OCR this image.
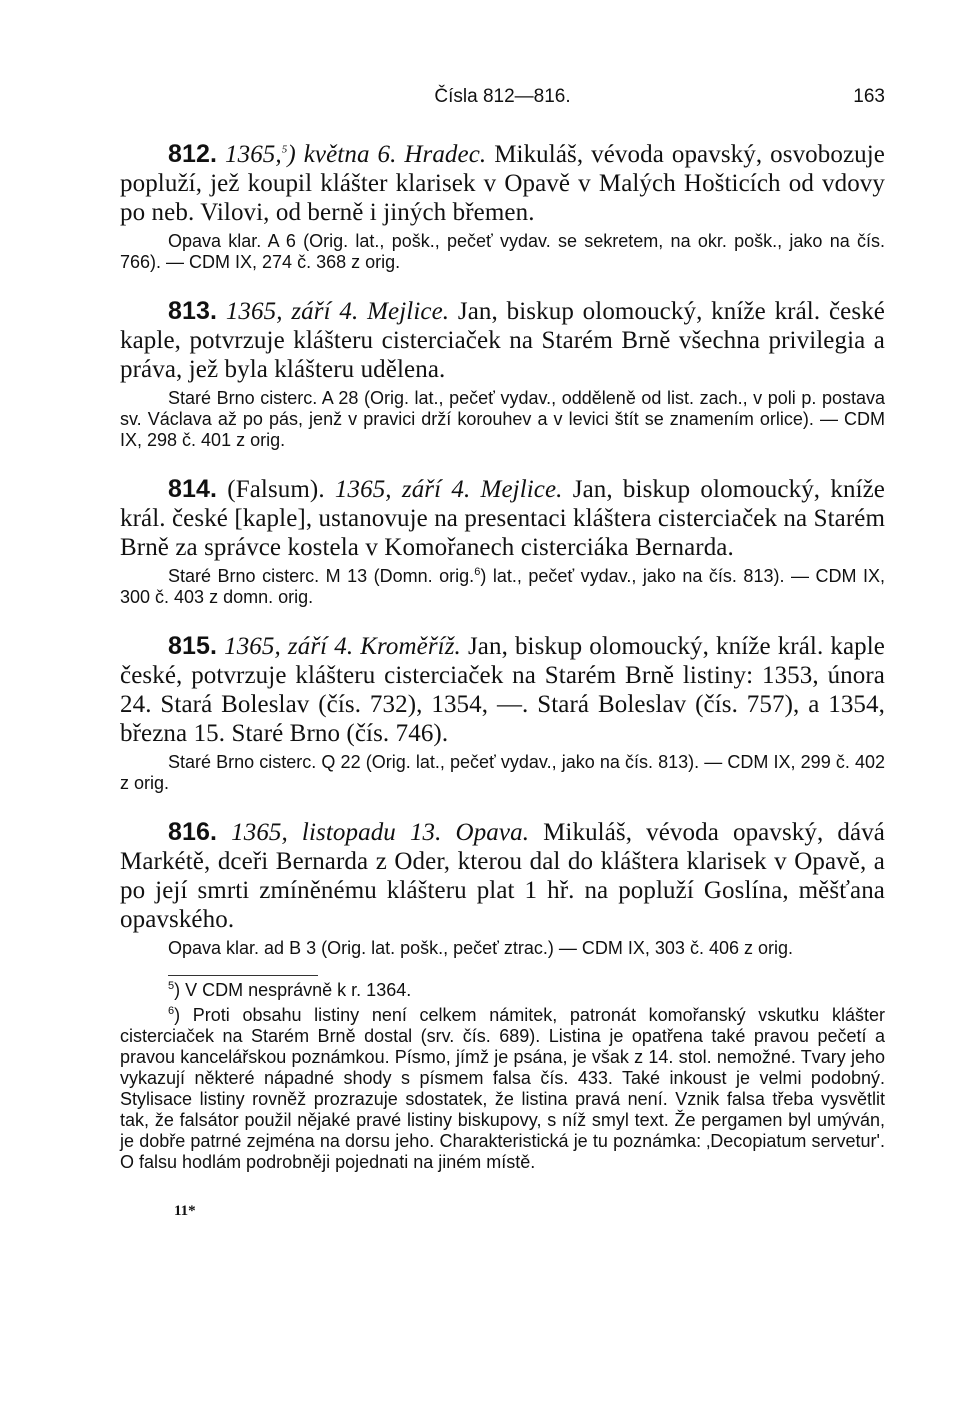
Čísla 812—816.	163
812. 1365,$^5$) května 6. Hradec. Mikuláš, vévoda opavský, osvobozuje popluží, jež koupil klášter klarisek v Opavě v Malých Hošticích od vdovy po neb. Vilovi, od berně i jiných břemen.
Opava klar. A 6 (Orig. lat., pošk., pečeť vydav. se sekretem, na okr. pošk., jako na čís. 766). — CDM IX, 274 č. 368 z orig.
813. 1365, září 4. Mejlice. Jan, biskup olomoucký, kníže král. české kaple, potvrzuje klášteru cisterciaček na Starém Brně všechna privilegia a práva, jež byla klášteru udělena.
Staré Brno cisterc. A 28 (Orig. lat., pečeť vydav., odděleně od list. zach., v poli p. postava sv. Václava až po pás, jenž v pravici drží korouhev a v levici štít se znamením orlice). — CDM IX, 298 č. 401 z orig.
814. (Falsum). 1365, září 4. Mejlice. Jan, biskup olomoucký, kníže král. české [kaple], ustanovuje na presentaci kláštera cisterciaček na Starém Brně za správce kostela v Komořanech cisterciáka Bernarda.
Staré Brno cisterc. M 13 (Domn. orig.$^6$) lat., pečeť vydav., jako na čís. 813). — CDM IX, 300 č. 403 z domn. orig.
815. 1365, září 4. Kroměříž. Jan, biskup olomoucký, kníže král. kaple české, potvrzuje klášteru cisterciaček na Starém Brně listiny: 1353, února 24. Stará Boleslav (čís. 732), 1354, —. Stará Boleslav (čís. 757), a 1354, března 15. Staré Brno (čís. 746).
Staré Brno cisterc. Q 22 (Orig. lat., pečeť vydav., jako na čís. 813). — CDM IX, 299 č. 402 z orig.
816. 1365, listopadu 13. Opava. Mikuláš, vévoda opavský, dává Markétě, dceři Bernarda z Oder, kterou dal do kláštera klarisek v Opavě, a po její smrti zmíněnému klášteru plat 1 hř. na popluží Goslína, měšťana opavského.
Opava klar. ad B 3 (Orig. lat. pošk., pečeť ztrac.) — CDM IX, 303 č. 406 z orig.
$^5$) V CDM nesprávně k r. 1364.
$^6$) Proti obsahu listiny není celkem námitek, patronát komořanský vskutku klášter cisterciaček na Starém Brně dostal (srv. čís. 689). Listina je opatřena také pravou pečetí a pravou kancelářskou poznámkou. Písmo, jímž je psána, je však z 14. stol. nemožné. Tvary jeho vykazují některé nápadné shody s písmem falsa čís. 433. Také inkoust je velmi podobný. Stylisace listiny rovněž prozrazuje sdostatek, že listina pravá není. Vznik falsa třeba vysvětlit tak, že falsátor použil nějaké pravé listiny biskupovy, s níž smyl text. Že pergamen byl umýván, je dobře patrné zejména na dorsu jeho. Charakteristická je tu poznámka: ‚Decopiatum servetur'. O falsu hodlám podrobněji pojednati na jiném místě.
11*
